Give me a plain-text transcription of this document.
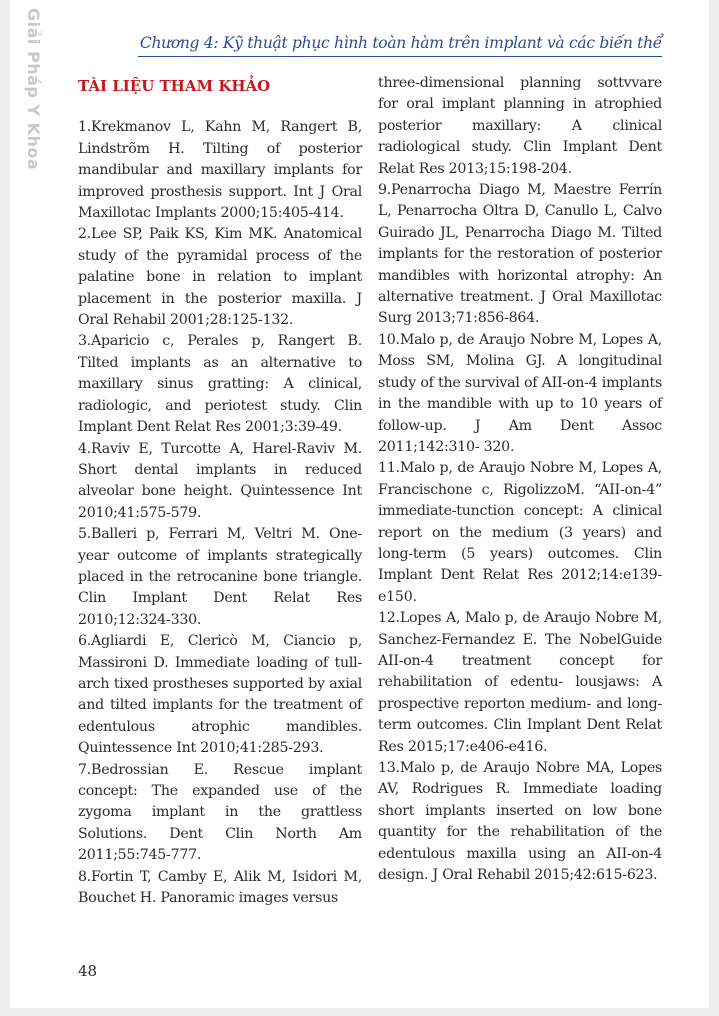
Giải Pháp Y Khoa	Chương 4: Kỹ thuật phục hình toàn hàm trên implant và các biến thể
TÀI LIỆU THAM KHẢO

1.Krekmanov L, Kahn M, Rangert B, Lindstrõm H. Tilting of posterior mandibular and maxillary implants for improved prosthesis support. Int J Oral Maxillotac Implants 2000;15:405-414.

2.Lee SP, Paik KS, Kim MK. Anatomical study of the pyramidal process of the palatine bone in relation to implant placement in the posterior maxilla. J Oral Rehabil 2001;28:125-132.

3.Aparicio c, Perales p, Rangert B. Tilted implants as an alternative to maxillary sinus gratting: A clinical, radiologic, and periotest study. Clin Implant Dent Relat Res 2001;3:39-49.

4.Raviv E, Turcotte A, Harel-Raviv M. Short dental implants in reduced alveolar bone height. Quintessence Int 2010;41:575-579.

5.Balleri p, Ferrari M, Veltri M. One-year outcome of implants strategically placed in the retrocanine bone triangle. Clin Implant Dent Relat Res 2010;12:324-330.

6.Agliardi E, Clericò M, Ciancio p, Massironi D. Immediate loading of tull-arch tixed prostheses supported by axial and tilted implants for the treatment of edentulous atrophic mandibles. Quintessence Int 2010;41:285-293.

7.Bedrossian E. Rescue implant concept: The expanded use of the zygoma implant in the grattless Solutions. Dent Clin North Am 2011;55:745-777.

8.Fortin T, Camby E, Alik M, Isidori M, Bouchet H. Panoramic images versus

three-dimensional planning sottvvare for oral implant planning in atrophied posterior maxillary: A clinical radiological study. Clin Implant Dent Relat Res 2013;15:198-204.

9.Penarrocha Diago M, Maestre Ferrín L, Penarrocha Oltra D, Canullo L, Calvo Guirado JL, Penarrocha Diago M. Tilted implants for the restoration of posterior mandibles with horizontal atrophy: An alternative treatment. J Oral Maxillotac Surg 2013;71:856-864.

10.Malo p, de Araujo Nobre M, Lopes A, Moss SM, Molina GJ. A longitudinal study of the survival of AII-on-4 implants in the mandible with up to 10 years of follow-up. J Am Dent Assoc 2011;142:310- 320.

11.Malo p, de Araujo Nobre M, Lopes A, Francischone c, RigolizzoM. “AII-on-4” immediate-tunction concept: A clinical report on the medium (3 years) and long-term (5 years) outcomes. Clin Implant Dent Relat Res 2012;14:e139-e150.

12.Lopes A, Malo p, de Araujo Nobre M, Sanchez-Fernandez E. The NobelGuide AII-on-4 treatment concept for rehabilitation of edentu- lousjaws: A prospective reporton medium- and long-term outcomes. Clin Implant Dent Relat Res 2015;17:e406-e416.

13.Malo p, de Araujo Nobre MA, Lopes AV, Rodrigues R. Immediate loading short implants inserted on low bone quantity for the rehabilitation of the edentulous maxilla using an AII-on-4 design. J Oral Rehabil 2015;42:615-623.

48
